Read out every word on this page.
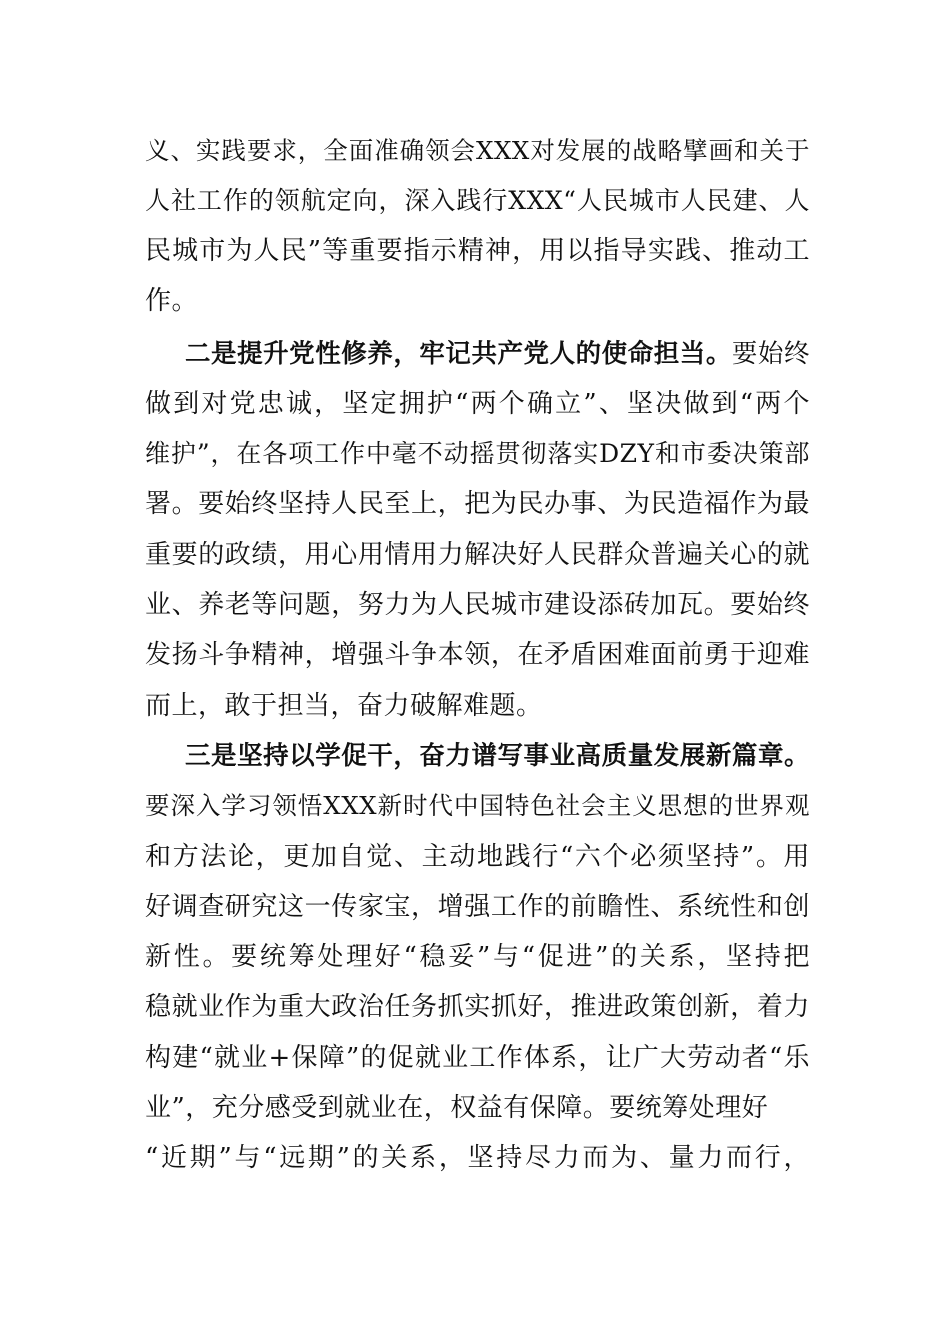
义、实践要求，全面准确领会XXX对发展的战略擘画和关于
人社工作的领航定向，深入践行XXX“人民城市人民建、人
民城市为人民”等重要指示精神，用以指导实践、推动工
作。
二是提升党性修养，牢记共产党人的使命担当。要始终
做到对党忠诚，坚定拥护“两个确立”、坚决做到“两个
维护”，在各项工作中毫不动摇贯彻落实DZY和市委决策部
署。要始终坚持人民至上，把为民办事、为民造福作为最
重要的政绩，用心用情用力解决好人民群众普遍关心的就
业、养老等问题，努力为人民城市建设添砖加瓦。要始终
发扬斗争精神，增强斗争本领，在矛盾困难面前勇于迎难
而上，敢于担当，奋力破解难题。
三是坚持以学促干，奋力谱写事业高质量发展新篇章。
要深入学习领悟XXX新时代中国特色社会主义思想的世界观
和方法论，更加自觉、主动地践行“六个必须坚持”。用
好调查研究这一传家宝，增强工作的前瞻性、系统性和创
新性。要统筹处理好“稳妥”与“促进”的关系，坚持把
稳就业作为重大政治任务抓实抓好，推进政策创新，着力
构建“就业+保障”的促就业工作体系，让广大劳动者“乐
业”，充分感受到就业在，权益有保障。要统筹处理好
“近期”与“远期”的关系，坚持尽力而为、量力而行，
